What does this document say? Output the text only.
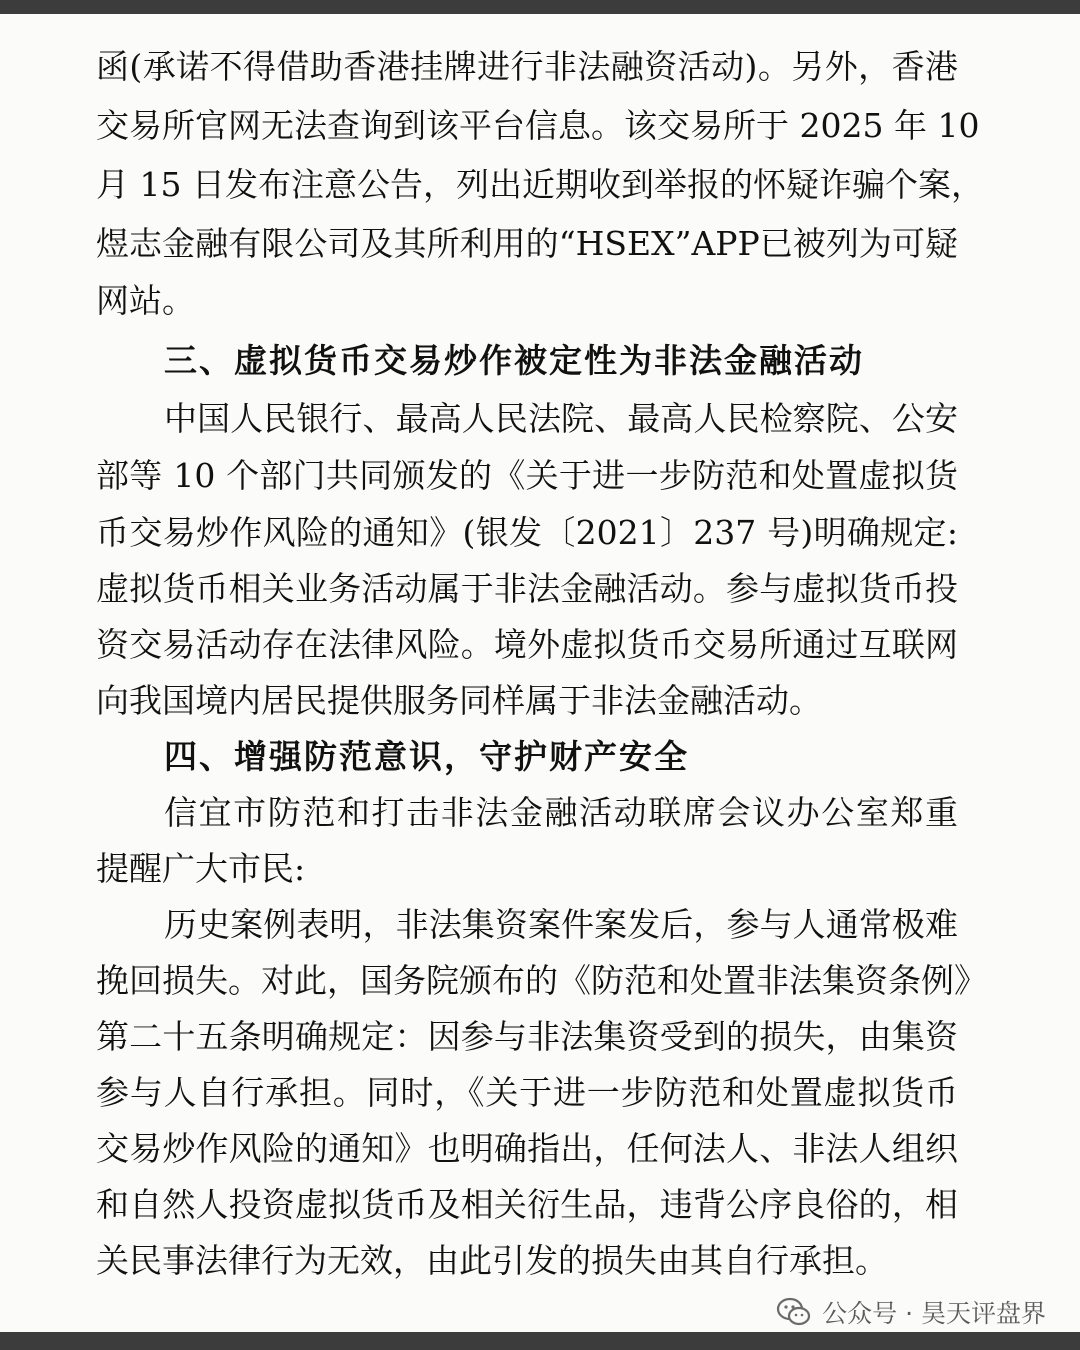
函(承诺不得借助香港挂牌进行非法融资活动)。另外，香港
交易所官网无法查询到该平台信息。该交易所于 2025 年 10
月 15 日发布注意公告，列出近期收到举报的怀疑诈骗个案，
煜志金融有限公司及其所利用的“HSEX”APP已被列为可疑
网站。
三、虚拟货币交易炒作被定性为非法金融活动
中国人民银行、最高人民法院、最高人民检察院、公安
部等 10 个部门共同颁发的《关于进一步防范和处置虚拟货
币交易炒作风险的通知》(银发〔2021〕237 号)明确规定:
虚拟货币相关业务活动属于非法金融活动。参与虚拟货币投
资交易活动存在法律风险。境外虚拟货币交易所通过互联网
向我国境内居民提供服务同样属于非法金融活动。
四、增强防范意识，守护财产安全
信宜市防范和打击非法金融活动联席会议办公室郑重
提醒广大市民:
历史案例表明，非法集资案件案发后，参与人通常极难
挽回损失。对此，国务院颁布的《防范和处置非法集资条例》
第二十五条明确规定：因参与非法集资受到的损失，由集资
参与人自行承担。同时，《关于进一步防范和处置虚拟货币
交易炒作风险的通知》也明确指出，任何法人、非法人组织
和自然人投资虚拟货币及相关衍生品，违背公序良俗的，相
关民事法律行为无效，由此引发的损失由其自行承担。
公众号 · 昊天评盘界
